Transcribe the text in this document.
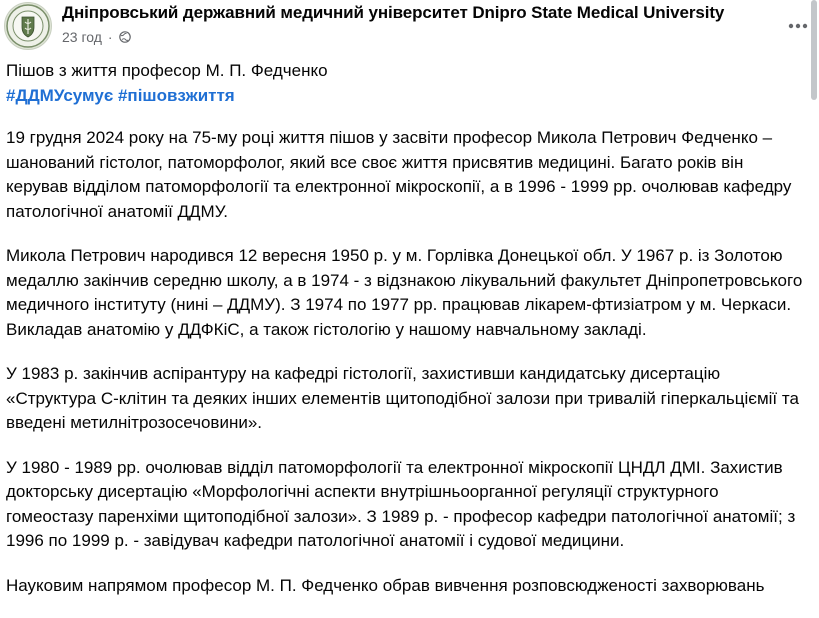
Дніпровський державний медичний університет Dnipro State Medical University
23 год ·

Пішов з життя професор М. П. Федченко

#ДДМУсумує #пішовзжиття

19 грудня 2024 року на 75-му році життя пішов у засвіти професор Микола Петрович Федченко – шанований гістолог, патоморфолог, який все своє життя присвятив медицині. Багато років він керував відділом патоморфології та електронної мікроскопії, а в 1996 - 1999 рр. очолював кафедру патологічної анатомії ДДМУ.

Микола Петрович народився 12 вересня 1950 р. у м. Горлівка Донецької обл. У 1967 р. із Золотою медаллю закінчив середню школу, а в 1974 - з відзнакою лікувальний факультет Дніпропетровського медичного інституту (нині – ДДМУ). З 1974 по 1977 рр. працював лікарем-фтизіатром у м. Черкаси. Викладав анатомію у ДДФКіС, а також гістологію у нашому навчальному закладі.

У 1983 р. закінчив аспірантуру на кафедрі гістології, захистивши кандидатську дисертацію «Структура С-клітин та деяких інших елементів щитоподібної залози при тривалій гіперкальціємії та введені метилнітрозосечовини».

У 1980 - 1989 рр. очолював відділ патоморфології та електронної мікроскопії ЦНДЛ ДМІ. Захистив докторську дисертацію «Морфологічні аспекти внутрішньоорганної регуляції структурного гомеостазу паренхіми щитоподібної залози». З 1989 р. - професор кафедри патологічної анатомії; з 1996 по 1999 р. - завідувач кафедри патологічної анатомії і судової медицини.

Науковим напрямом професор М. П. Федченко обрав вивчення розповсюдженості захворювань
